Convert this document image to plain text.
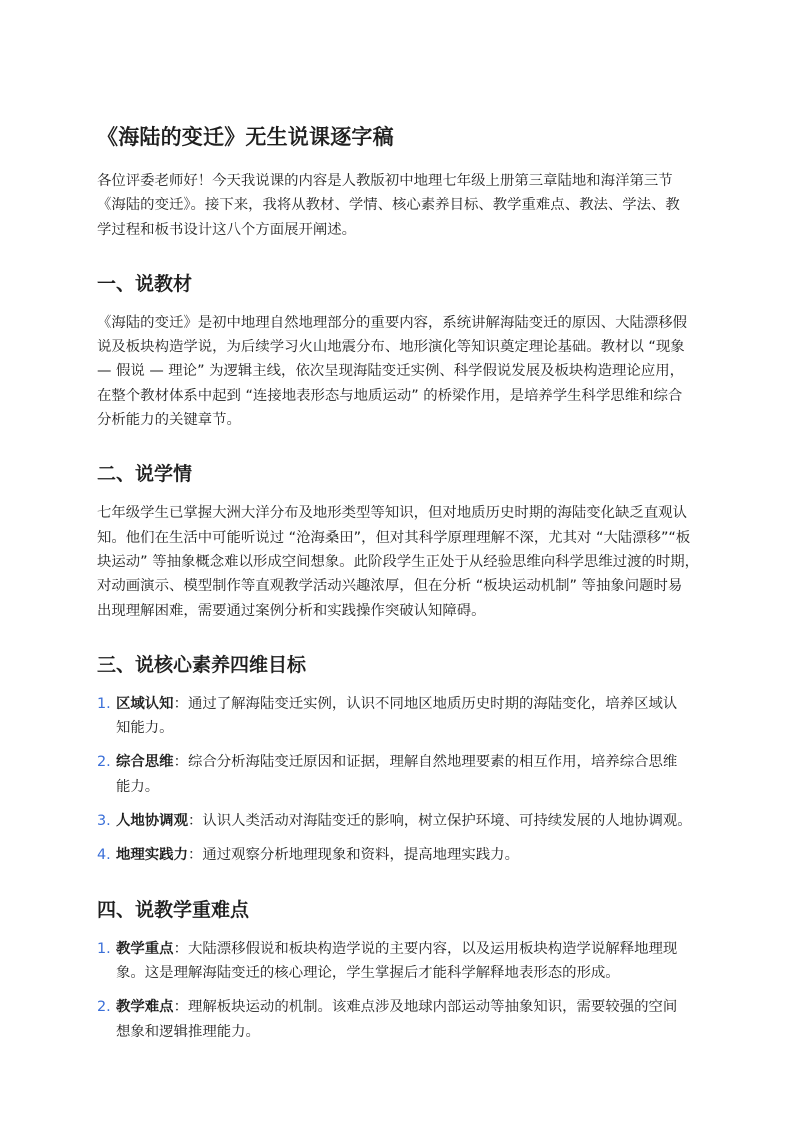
《海陆的变迁》无生说课逐字稿

各位评委老师好！今天我说课的内容是人教版初中地理七年级上册第三章陆地和海洋第三节
《海陆的变迁》。接下来，我将从教材、学情、核心素养目标、教学重难点、教法、学法、教
学过程和板书设计这八个方面展开阐述。

一、说教材

《海陆的变迁》是初中地理自然地理部分的重要内容，系统讲解海陆变迁的原因、大陆漂移假
说及板块构造学说，为后续学习火山地震分布、地形演化等知识奠定理论基础。教材以 “现象
— 假说 — 理论” 为逻辑主线，依次呈现海陆变迁实例、科学假说发展及板块构造理论应用，
在整个教材体系中起到 “连接地表形态与地质运动” 的桥梁作用，是培养学生科学思维和综合
分析能力的关键章节。

二、说学情

七年级学生已掌握大洲大洋分布及地形类型等知识，但对地质历史时期的海陆变化缺乏直观认
知。他们在生活中可能听说过 “沧海桑田”，但对其科学原理理解不深，尤其对 “大陆漂移”“板
块运动” 等抽象概念难以形成空间想象。此阶段学生正处于从经验思维向科学思维过渡的时期，
对动画演示、模型制作等直观教学活动兴趣浓厚，但在分析 “板块运动机制” 等抽象问题时易
出现理解困难，需要通过案例分析和实践操作突破认知障碍。

三、说核心素养四维目标
1. 区域认知：通过了解海陆变迁实例，认识不同地区地质历史时期的海陆变化，培养区域认
知能力。
2. 综合思维：综合分析海陆变迁原因和证据，理解自然地理要素的相互作用，培养综合思维
能力。
3. 人地协调观：认识人类活动对海陆变迁的影响，树立保护环境、可持续发展的人地协调观。
4. 地理实践力：通过观察分析地理现象和资料，提高地理实践力。
四、说教学重难点
1. 教学重点：大陆漂移假说和板块构造学说的主要内容，以及运用板块构造学说解释地理现
象。这是理解海陆变迁的核心理论，学生掌握后才能科学解释地表形态的形成。
2. 教学难点：理解板块运动的机制。该难点涉及地球内部运动等抽象知识，需要较强的空间
想象和逻辑推理能力。
